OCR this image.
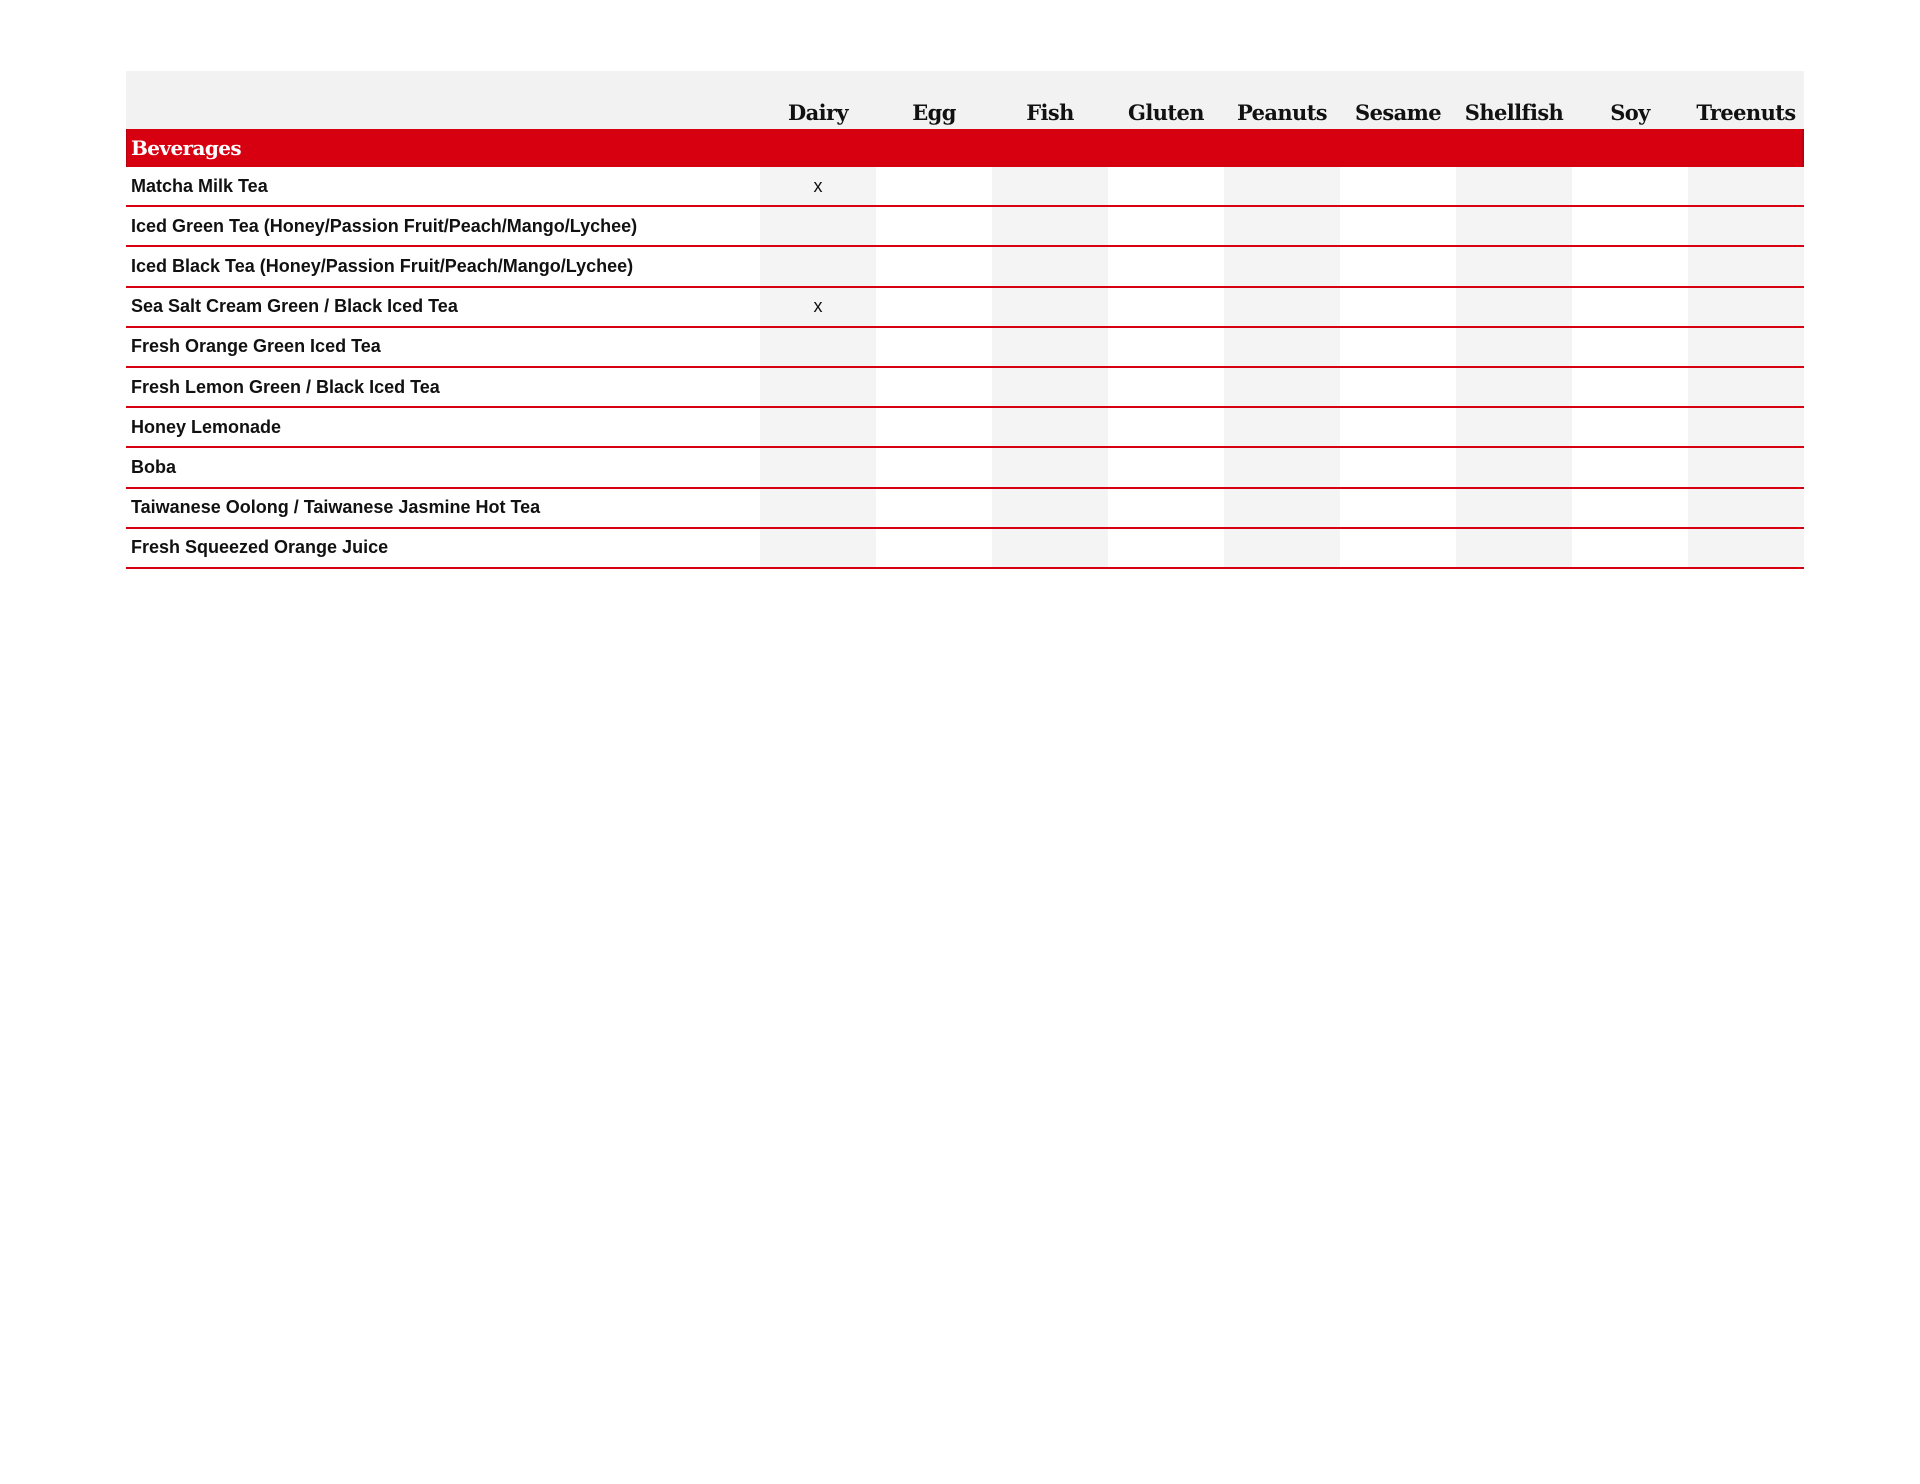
Dairy	Egg	Fish	Gluten	Peanuts	Sesame	Shellfish	Soy	Treenuts
Beverages
Matcha Milk Tea	x
Iced Green Tea (Honey/Passion Fruit/Peach/Mango/Lychee)
Iced Black Tea (Honey/Passion Fruit/Peach/Mango/Lychee)
Sea Salt Cream Green / Black Iced Tea	x
Fresh Orange Green Iced Tea
Fresh Lemon Green / Black Iced Tea
Honey Lemonade
Boba
Taiwanese Oolong / Taiwanese Jasmine Hot Tea
Fresh Squeezed Orange Juice
